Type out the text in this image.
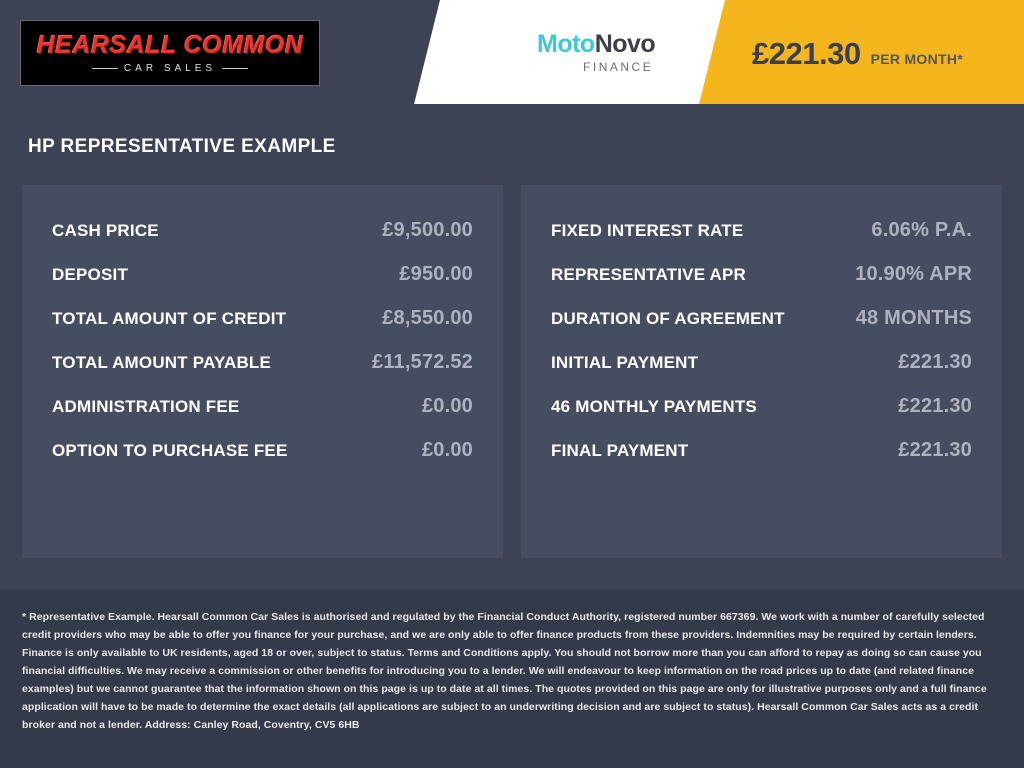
HEARSALL COMMON
CAR SALES
MotoNovo
FINANCE	£221.30 PER MONTH*
HP REPRESENTATIVE EXAMPLE
CASH PRICE	£9,500.00
DEPOSIT	£950.00
TOTAL AMOUNT OF CREDIT	£8,550.00
TOTAL AMOUNT PAYABLE	£11,572.52
ADMINISTRATION FEE	£0.00
OPTION TO PURCHASE FEE	£0.00
FIXED INTEREST RATE	6.06% P.A.
REPRESENTATIVE APR	10.90% APR
DURATION OF AGREEMENT	48 MONTHS
INITIAL PAYMENT	£221.30
46 MONTHLY PAYMENTS	£221.30
FINAL PAYMENT	£221.30

* Representative Example. Hearsall Common Car Sales is authorised and regulated by the Financial Conduct Authority, registered number 667369. We work with a number of carefully selected credit providers who may be able to offer you finance for your purchase, and we are only able to offer finance products from these providers. Indemnities may be required by certain lenders. Finance is only available to UK residents, aged 18 or over, subject to status. Terms and Conditions apply. You should not borrow more than you can afford to repay as doing so can cause you financial difficulties. We may receive a commission or other benefits for introducing you to a lender. We will endeavour to keep information on the road prices up to date (and related finance examples) but we cannot guarantee that the information shown on this page is up to date at all times. The quotes provided on this page are only for illustrative purposes only and a full finance application will have to be made to determine the exact details (all applications are subject to an underwriting decision and are subject to status). Hearsall Common Car Sales acts as a credit broker and not a lender. Address: Canley Road, Coventry, CV5 6HB
